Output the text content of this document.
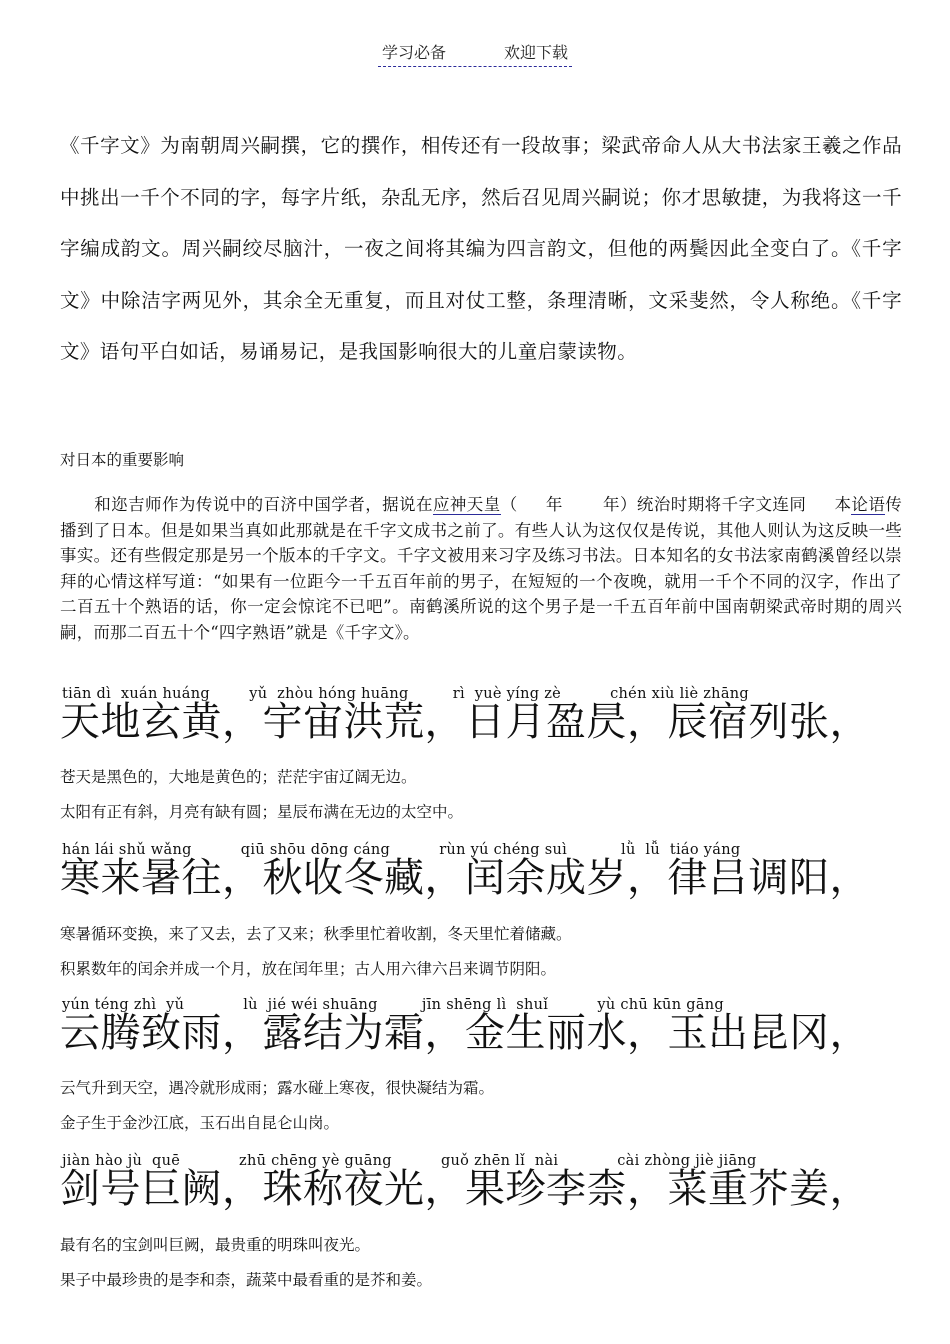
学习必备	欢迎下载
《千字文》为南朝周兴嗣撰，它的撰作，相传还有一段故事；梁武帝命人从大书法家王羲之作品中挑出一千个不同的字，每字片纸，杂乱无序，然后召见周兴嗣说；你才思敏捷，为我将这一千字编成韵文。周兴嗣绞尽脑汁，一夜之间将其编为四言韵文，但他的两鬓因此全变白了。《千字文》中除洁字两见外，其余全无重复，而且对仗工整，条理清晰，文采斐然，令人称绝。《千字文》语句平白如话，易诵易记，是我国影响很大的儿童启蒙读物。
对日本的重要影响
和迩吉师作为传说中的百济中国学者，据说在应神天皇（ 年 年）统治时期将千字文连同 本论语传播到了日本。但是如果当真如此那就是在千字文成书之前了。有些人认为这仅仅是传说，其他人则认为这反映一些事实。还有些假定那是另一个版本的千字文。千字文被用来习字及练习书法。日本知名的女书法家南鹤溪曾经以崇拜的心情这样写道：“如果有一位距今一千五百年前的男子，在短短的一个夜晚，就用一千个不同的汉字，作出了二百五十个熟语的话，你一定会惊诧不已吧”。南鹤溪所说的这个男子是一千五百年前中国南朝梁武帝时期的周兴嗣，而那二百五十个“四字熟语”就是《千字文》。
tiān dì  xuán huáng        yǔ  zhòu hóng huāng         rì  yuè yíng zè          chén xiù liè zhāng
天地玄黄，宇宙洪荒，日月盈昃，辰宿列张，
苍天是黑色的，大地是黄色的；茫茫宇宙辽阔无边。
太阳有正有斜，月亮有缺有圆；星辰布满在无边的太空中。
hán lái shǔ wǎng          qiū shōu dōng cáng          rùn yú chéng suì           lǜ  lǚ  tiáo yáng
寒来暑往，秋收冬藏，闰余成岁，律吕调阳，
寒暑循环变换，来了又去，去了又来；秋季里忙着收割，冬天里忙着储藏。
积累数年的闰余并成一个月，放在闰年里；古人用六律六吕来调节阴阳。
yún téng zhì  yǔ            lù  jié wéi shuāng         jīn shēng lì  shuǐ          yù chū kūn gāng
云腾致雨，露结为霜，金生丽水，玉出昆冈，
云气升到天空，遇冷就形成雨；露水碰上寒夜，很快凝结为霜。
金子生于金沙江底，玉石出自昆仑山岗。
jiàn hào jù  quē            zhū chēng yè guāng          guǒ zhēn lǐ  nài            cài zhòng jiè jiāng
剑号巨阙，珠称夜光，果珍李柰，菜重芥姜，
最有名的宝剑叫巨阙，最贵重的明珠叫夜光。
果子中最珍贵的是李和柰，蔬菜中最看重的是芥和姜。
